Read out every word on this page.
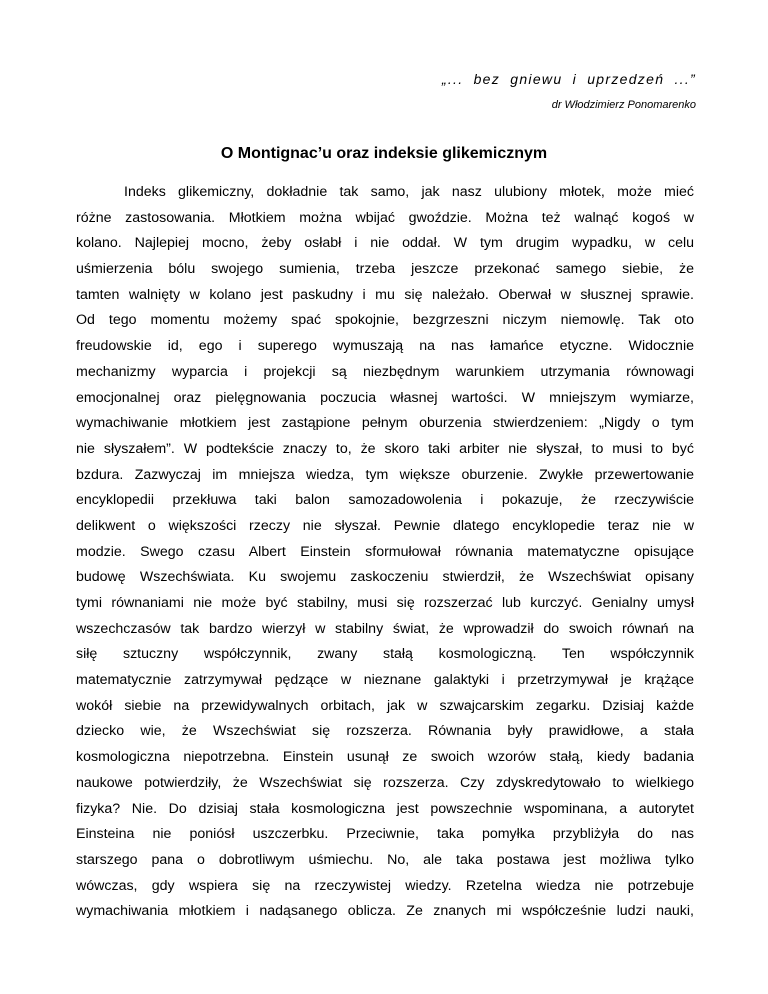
„... bez gniewu i uprzedzeń ...”
dr Włodzimierz Ponomarenko
O Montignac’u oraz indeksie glikemicznym
Indeks glikemiczny, dokładnie tak samo, jak nasz ulubiony młotek, może mieć
różne zastosowania. Młotkiem można wbijać gwoździe. Można też walnąć kogoś w
kolano. Najlepiej mocno, żeby osłabł i nie oddał. W tym drugim wypadku, w celu
uśmierzenia bólu swojego sumienia, trzeba jeszcze przekonać samego siebie, że
tamten walnięty w kolano jest paskudny i mu się należało. Oberwał w słusznej sprawie.
Od tego momentu możemy spać spokojnie, bezgrzeszni niczym niemowlę. Tak oto
freudowskie id, ego i superego wymuszają na nas łamańce etyczne. Widocznie
mechanizmy wyparcia i projekcji są niezbędnym warunkiem utrzymania równowagi
emocjonalnej oraz pielęgnowania poczucia własnej wartości. W mniejszym wymiarze,
wymachiwanie młotkiem jest zastąpione pełnym oburzenia stwierdzeniem: „Nigdy o tym
nie słyszałem”. W podtekście znaczy to, że skoro taki arbiter nie słyszał, to musi to być
bzdura. Zazwyczaj im mniejsza wiedza, tym większe oburzenie. Zwykłe przewertowanie
encyklopedii przekłuwa taki balon samozadowolenia i pokazuje, że rzeczywiście
delikwent o większości rzeczy nie słyszał. Pewnie dlatego encyklopedie teraz nie w
modzie. Swego czasu Albert Einstein sformułował równania matematyczne opisujące
budowę Wszechświata. Ku swojemu zaskoczeniu stwierdził, że Wszechświat opisany
tymi równaniami nie może być stabilny, musi się rozszerzać lub kurczyć. Genialny umysł
wszechczasów tak bardzo wierzył w stabilny świat, że wprowadził do swoich równań na
siłę sztuczny współczynnik, zwany stałą kosmologiczną. Ten współczynnik
matematycznie zatrzymywał pędzące w nieznane galaktyki i przetrzymywał je krążące
wokół siebie na przewidywalnych orbitach, jak w szwajcarskim zegarku. Dzisiaj każde
dziecko wie, że Wszechświat się rozszerza. Równania były prawidłowe, a stała
kosmologiczna niepotrzebna. Einstein usunął ze swoich wzorów stałą, kiedy badania
naukowe potwierdziły, że Wszechświat się rozszerza. Czy zdyskredytowało to wielkiego
fizyka? Nie. Do dzisiaj stała kosmologiczna jest powszechnie wspominana, a autorytet
Einsteina nie poniósł uszczerbku. Przeciwnie, taka pomyłka przybliżyła do nas
starszego pana o dobrotliwym uśmiechu. No, ale taka postawa jest możliwa tylko
wówczas, gdy wspiera się na rzeczywistej wiedzy. Rzetelna wiedza nie potrzebuje
wymachiwania młotkiem i nadąsanego oblicza. Ze znanych mi współcześnie ludzi nauki,
